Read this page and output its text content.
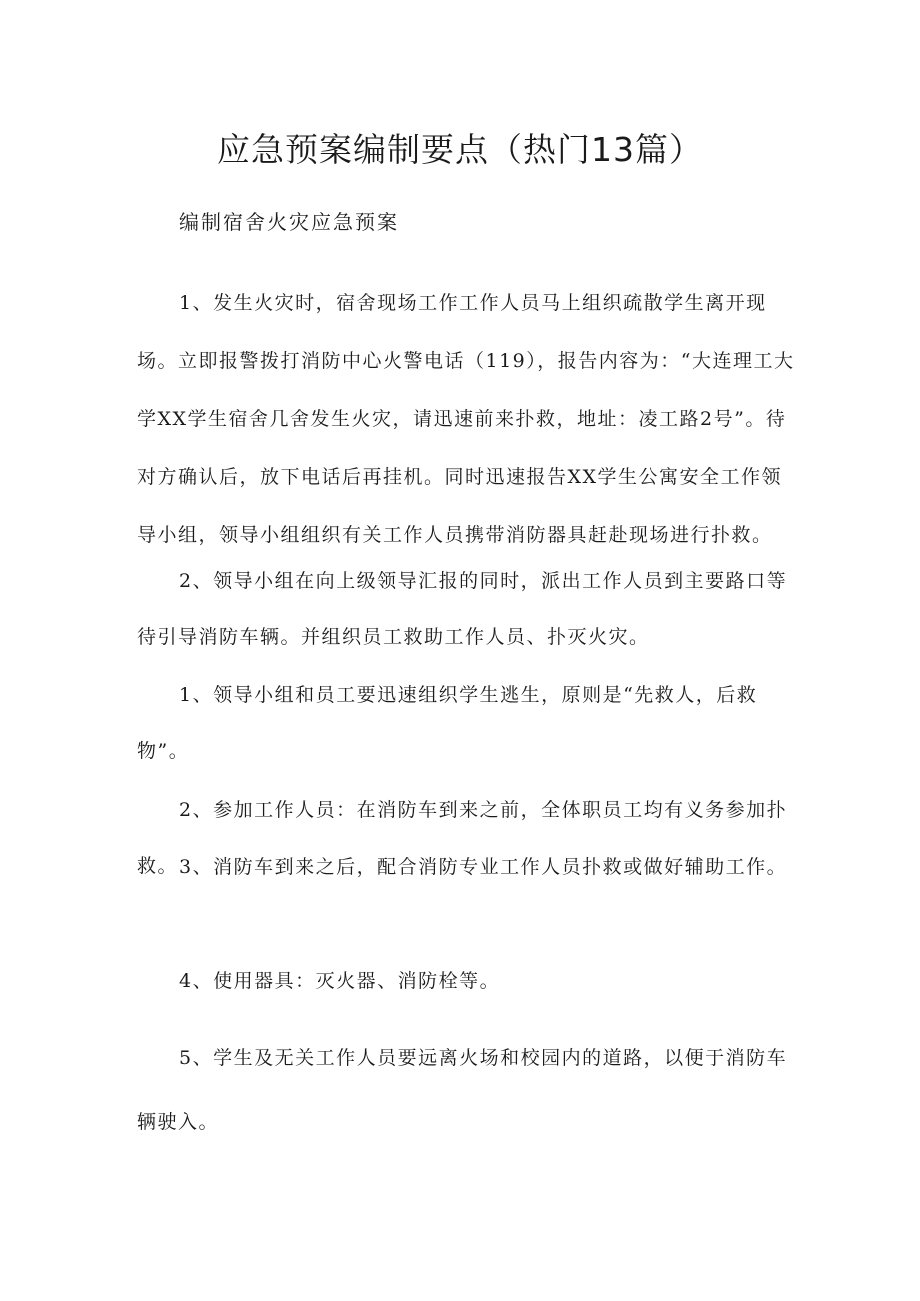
应急预案编制要点（热门13篇）
编制宿舍火灾应急预案

1、发生火灾时，宿舍现场工作工作人员马上组织疏散学生离开现场。立即报警拨打消防中心火警电话（119），报告内容为：“大连理工大学XX学生宿舍几舍发生火灾，请迅速前来扑救，地址：凌工路2号”。待对方确认后，放下电话后再挂机。同时迅速报告XX学生公寓安全工作领导小组，领导小组组织有关工作人员携带消防器具赶赴现场进行扑救。

2、领导小组在向上级领导汇报的同时，派出工作人员到主要路口等待引导消防车辆。并组织员工救助工作人员、扑灭火灾。

1、领导小组和员工要迅速组织学生逃生，原则是“先救人，后救物”。

2、参加工作人员：在消防车到来之前，全体职员工均有义务参加扑救。 3、消防车到来之后，配合消防专业工作人员扑救或做好辅助工作。

4、使用器具：灭火器、消防栓等。

5、学生及无关工作人员要远离火场和校园内的道路，以便于消防车辆驶入。
